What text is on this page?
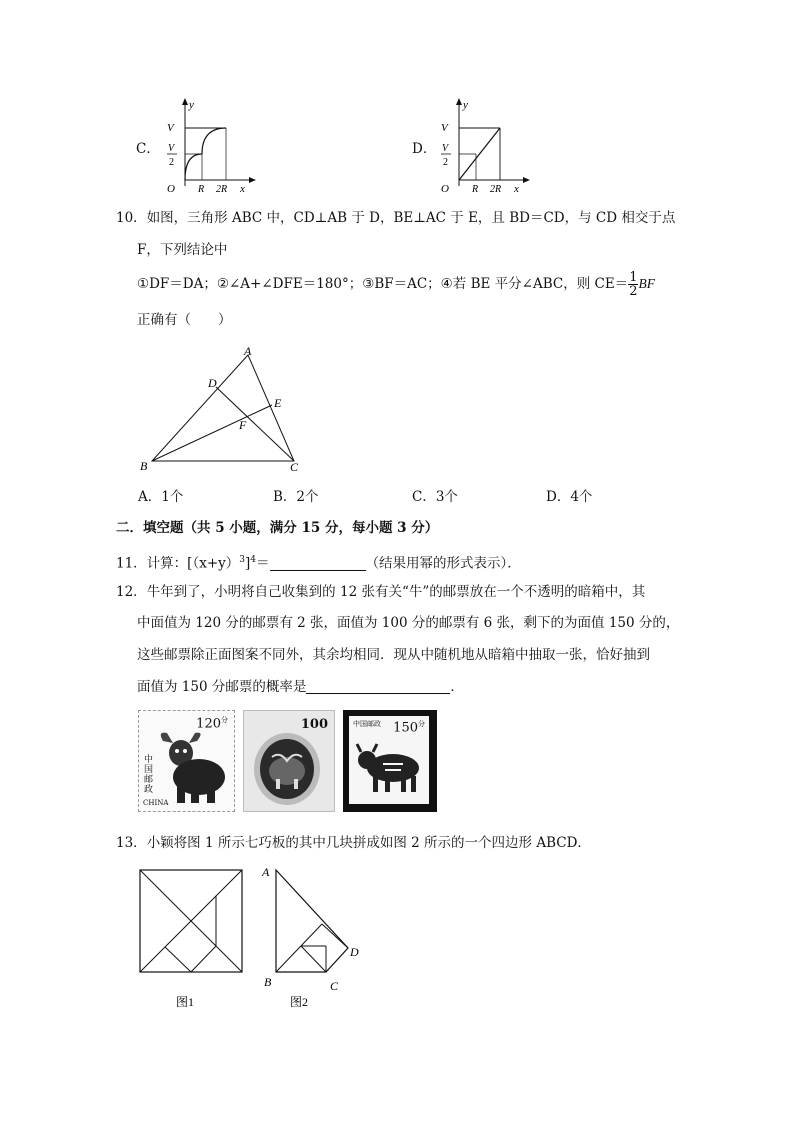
C．
y
x
O
V
V
2
R 2R
D．
y
x
O
V
V
2
R 2R
10．如图，三角形 ABC 中，CD⊥AB 于 D，BE⊥AC 于 E，且 BD＝CD，与 CD 相交于点
F，下列结论中
①DF＝DA；②∠A+∠DFE＝180°；③BF＝AC；④若 BE 平分∠ABC，则 $CE= \frac{1}{2}$ BF
正确有（　　）
A
B	C
D
E
F
A．1个	B．2个	C．3个	D．4个
二．填空题（共 5 小题，满分 15 分，每小题 3 分）
11．计算：$[(x+y)^3]^4=$	（结果用幂的形式表示）．
12．牛年到了，小明将自己收集到的 12 张有关“牛”的邮票放在一个不透明的暗箱中，其
中面值为 120 分的邮票有 2 张，面值为 100 分的邮票有 6 张，剩下的为面值 150 分的，
这些邮票除正面图案不同外，其余均相同．现从中随机地从暗箱中抽取一张，恰好抽到
面值为 150 分邮票的概率是	．
$120^分$
中国邮政
CHINA
100	中国邮政 $150^分$
13．小颖将图 1 所示七巧板的其中几块拼成如图 2 所示的一个四边形 ABCD．
图1
A
B	C
D
图2
